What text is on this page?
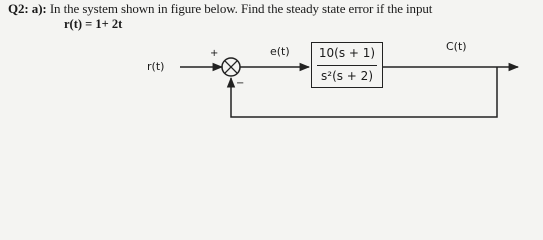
Q2: a): In the system shown in figure below. Find the steady state error if the input
r(t) = 1+ 2t
r(t)
+
−
e(t)	C(t)
10(s + 1)
s²(s + 2)
